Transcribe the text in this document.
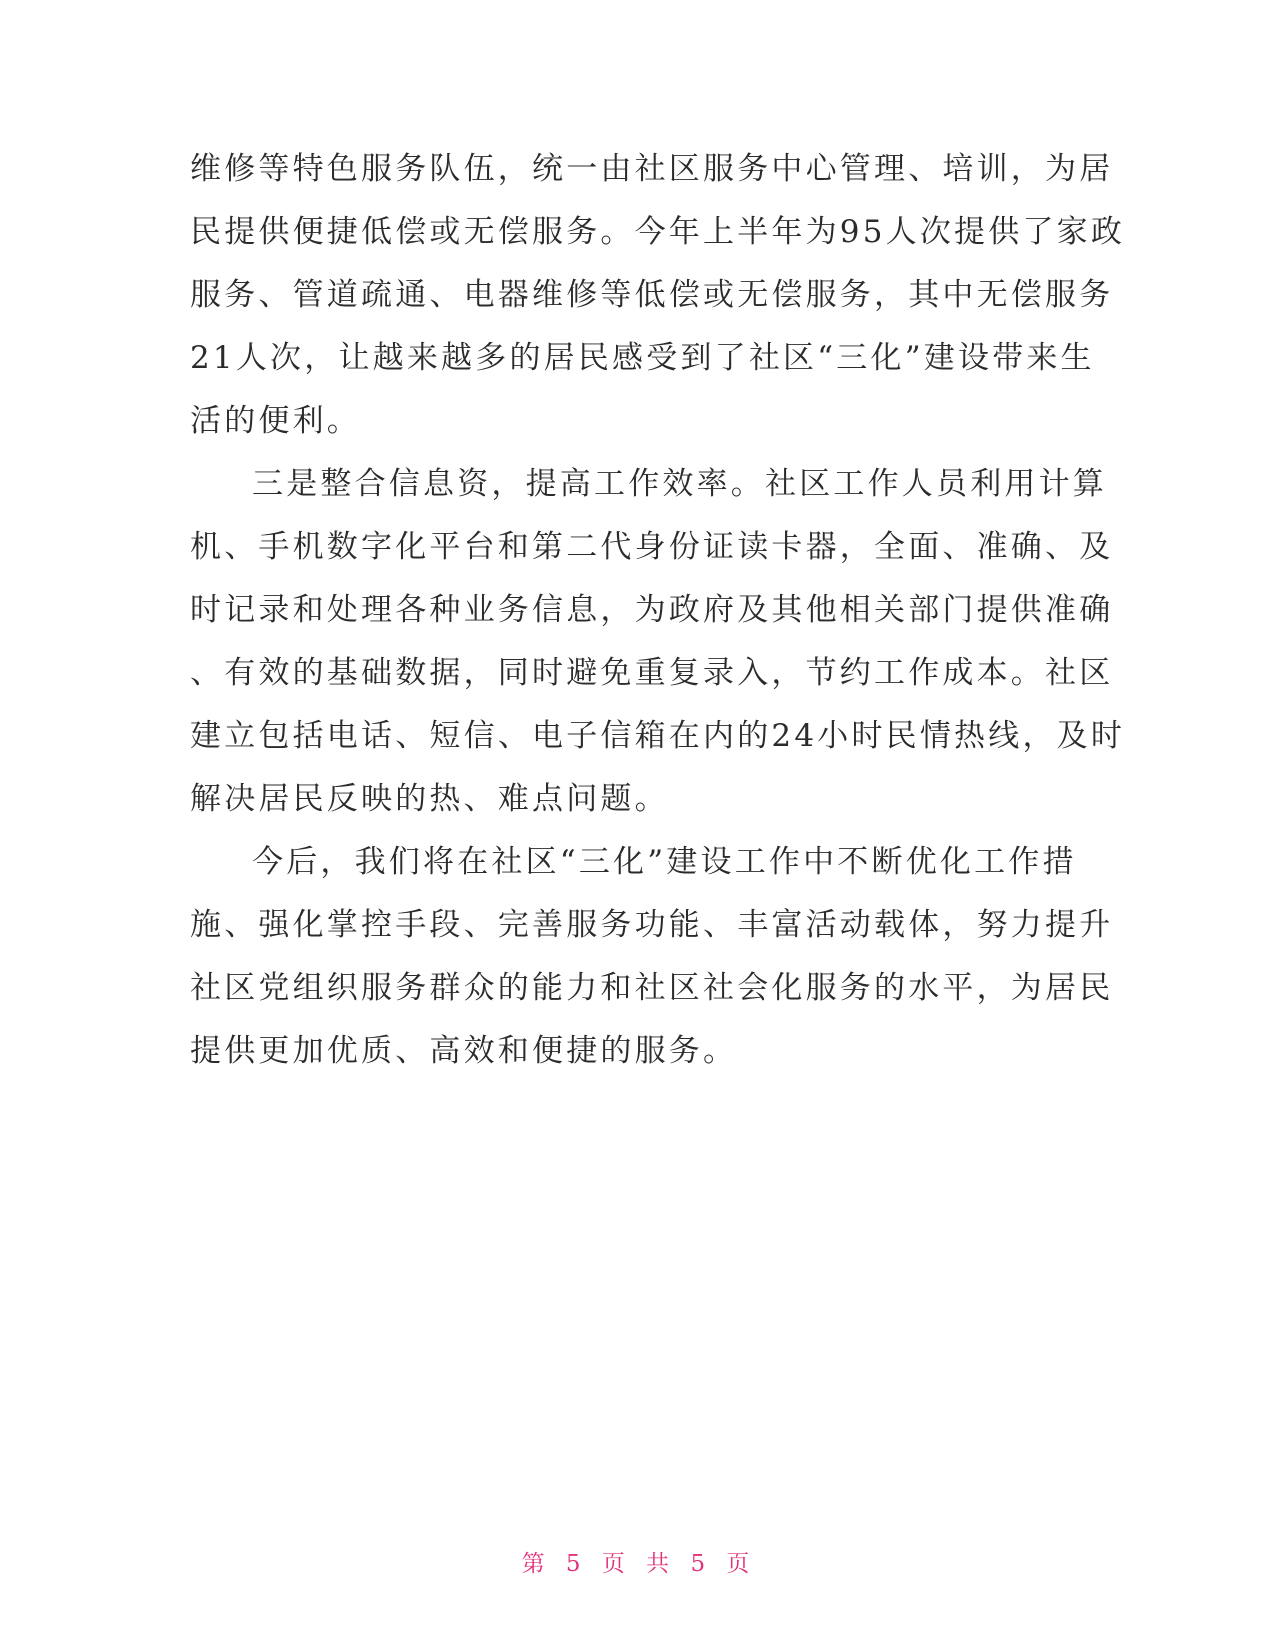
维修等特色服务队伍，统一由社区服务中心管理、培训，为居
民提供便捷低偿或无偿服务。今年上半年为95人次提供了家政
服务、管道疏通、电器维修等低偿或无偿服务，其中无偿服务
21人次，让越来越多的居民感受到了社区“三化”建设带来生
活的便利。

三是整合信息资，提高工作效率。社区工作人员利用计算
机、手机数字化平台和第二代身份证读卡器，全面、准确、及
时记录和处理各种业务信息，为政府及其他相关部门提供准确
、有效的基础数据，同时避免重复录入，节约工作成本。社区
建立包括电话、短信、电子信箱在内的24小时民情热线，及时
解决居民反映的热、难点问题。

今后，我们将在社区“三化”建设工作中不断优化工作措
施、强化掌控手段、完善服务功能、丰富活动载体，努力提升
社区党组织服务群众的能力和社区社会化服务的水平，为居民
提供更加优质、高效和便捷的服务。

第 5 页 共 5 页
